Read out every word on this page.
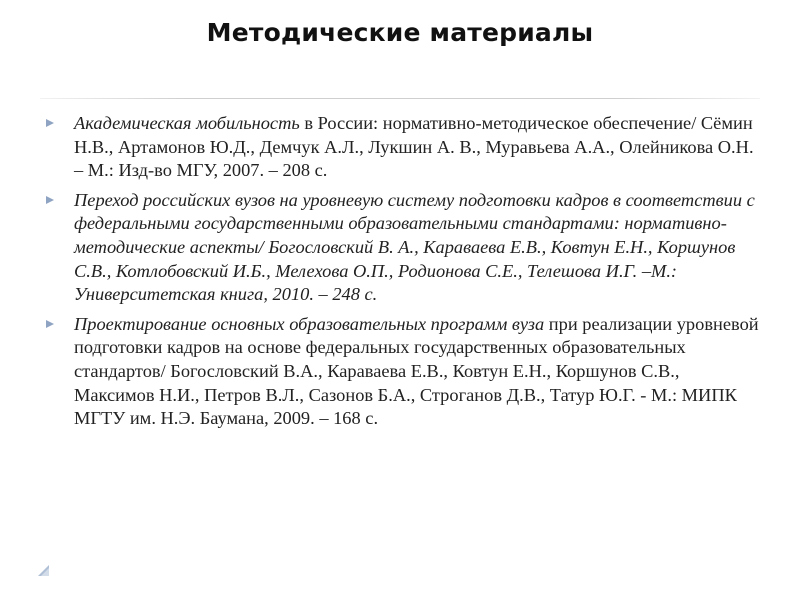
Методические материалы
Академическая мобильность в России: нормативно-методическое обеспечение/ Сёмин Н.В., Артамонов Ю.Д., Демчук А.Л., Лукшин А. В., Муравьева А.А., Олейникова О.Н. – М.: Изд-во МГУ, 2007. – 208 с.
Переход российских вузов на уровневую систему подготовки кадров в соответствии с федеральными государственными образовательными стандартами: нормативно-методические аспекты/ Богословский В. А., Караваева Е.В., Ковтун Е.Н., Коршунов С.В., Котлобовский И.Б., Мелехова О.П., Родионова С.Е., Телешова И.Г. –М.: Университетская книга, 2010. – 248 с.
Проектирование основных образовательных программ вуза при реализации уровневой подготовки кадров на основе федеральных государственных образовательных стандартов/ Богословский В.А., Караваева Е.В., Ковтун Е.Н., Коршунов С.В., Максимов Н.И., Петров В.Л., Сазонов Б.А., Строганов Д.В., Татур Ю.Г. - М.: МИПК МГТУ им. Н.Э. Баумана, 2009. – 168 с.
